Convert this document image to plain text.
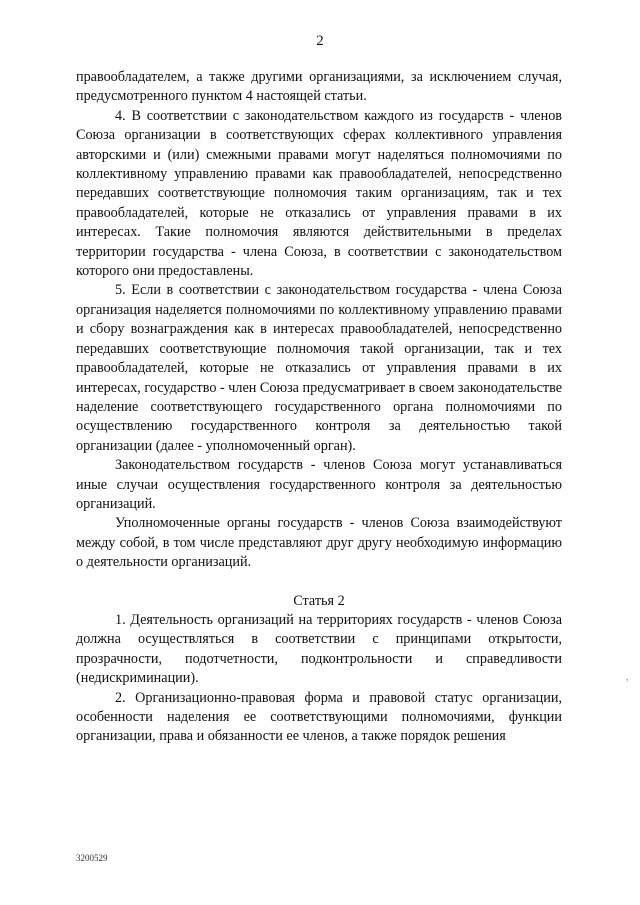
2

правообладателем, а также другими организациями, за исключением случая, предусмотренного пунктом 4 настоящей статьи.

4. В соответствии с законодательством каждого из государств - членов Союза организации в соответствующих сферах коллективного управления авторскими и (или) смежными правами могут наделяться полномочиями по коллективному управлению правами как правообладателей, непосредственно передавших соответствующие полномочия таким организациям, так и тех правообладателей, которые не отказались от управления правами в их интересах. Такие полномочия являются действительными в пределах территории государства - члена Союза, в соответствии с законодательством которого они предоставлены.

5. Если в соответствии с законодательством государства - члена Союза организация наделяется полномочиями по коллективному управлению правами и сбору вознаграждения как в интересах правообладателей, непосредственно передавших соответствующие полномочия такой организации, так и тех правообладателей, которые не отказались от управления правами в их интересах, государство - член Союза предусматривает в своем законодательстве наделение соответствующего государственного органа полномочиями по осуществлению государственного контроля за деятельностью такой организации (далее - уполномоченный орган).

Законодательством государств - членов Союза могут устанавливаться иные случаи осуществления государственного контроля за деятельностью организаций.

Уполномоченные органы государств - членов Союза взаимодействуют между собой, в том числе представляют друг другу необходимую информацию о деятельности организаций.

Статья 2

1. Деятельность организаций на территориях государств - членов Союза должна осуществляться в соответствии с принципами открытости, прозрачности, подотчетности, подконтрольности и справедливости (недискриминации).

2. Организационно-правовая форма и правовой статус организации, особенности наделения ее соответствующими полномочиями, функции организации, права и обязанности ее членов, а также порядок решения

,
3200529
